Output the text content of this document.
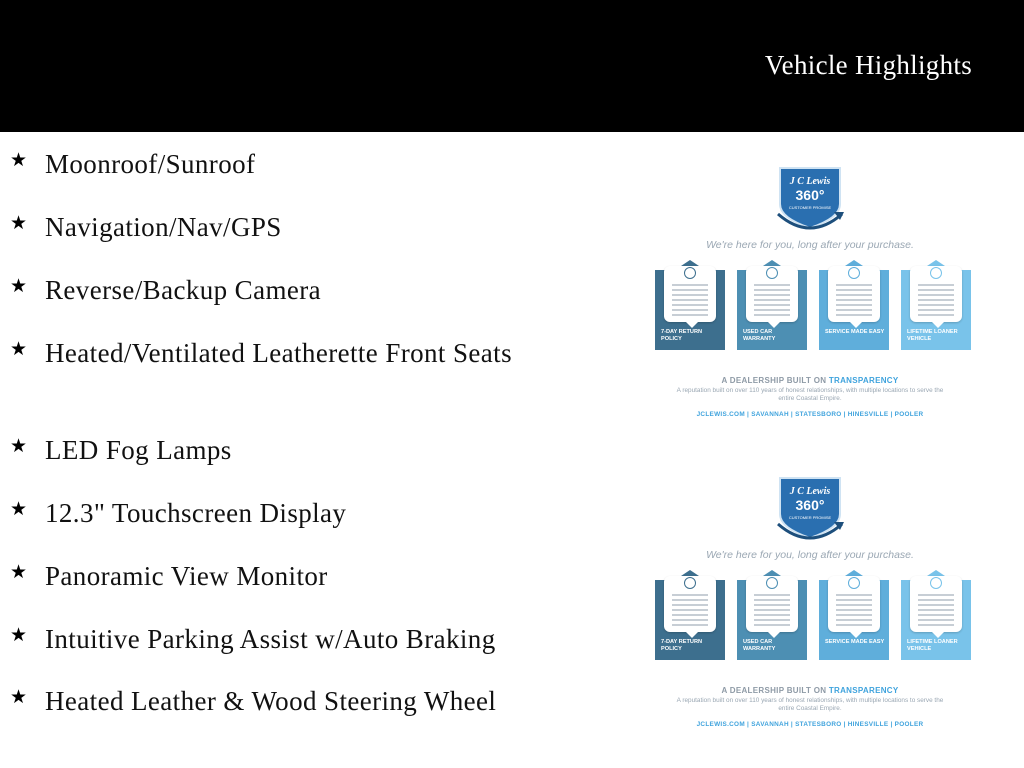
Vehicle Highlights
★ Moonroof/Sunroof
★ Navigation/Nav/GPS
★ Reverse/Backup Camera
★ Heated/Ventilated Leatherette Front Seats
★ LED Fog Lamps
★ 12.3" Touchscreen Display
★ Panoramic View Monitor
★ Intuitive Parking Assist w/Auto Braking
★ Heated Leather & Wood Steering Wheel
J C Lewis
360°
CUSTOMER PROMISE
We're here for you, long after your purchase.
7-DAY RETURN POLICY
USED CAR WARRANTY
SERVICE MADE EASY	LIFETIME LOANER VEHICLE
A DEALERSHIP BUILT ON TRANSPARENCY
A reputation built on over 110 years of honest relationships, with multiple locations to serve the entire Coastal Empire.
JCLEWIS.COM | SAVANNAH | STATESBORO | HINESVILLE | POOLER
J C Lewis
360°
CUSTOMER PROMISE
We're here for you, long after your purchase.
7-DAY RETURN POLICY
USED CAR WARRANTY
SERVICE MADE EASY	LIFETIME LOANER VEHICLE
A DEALERSHIP BUILT ON TRANSPARENCY
A reputation built on over 110 years of honest relationships, with multiple locations to serve the entire Coastal Empire.
JCLEWIS.COM | SAVANNAH | STATESBORO | HINESVILLE | POOLER
